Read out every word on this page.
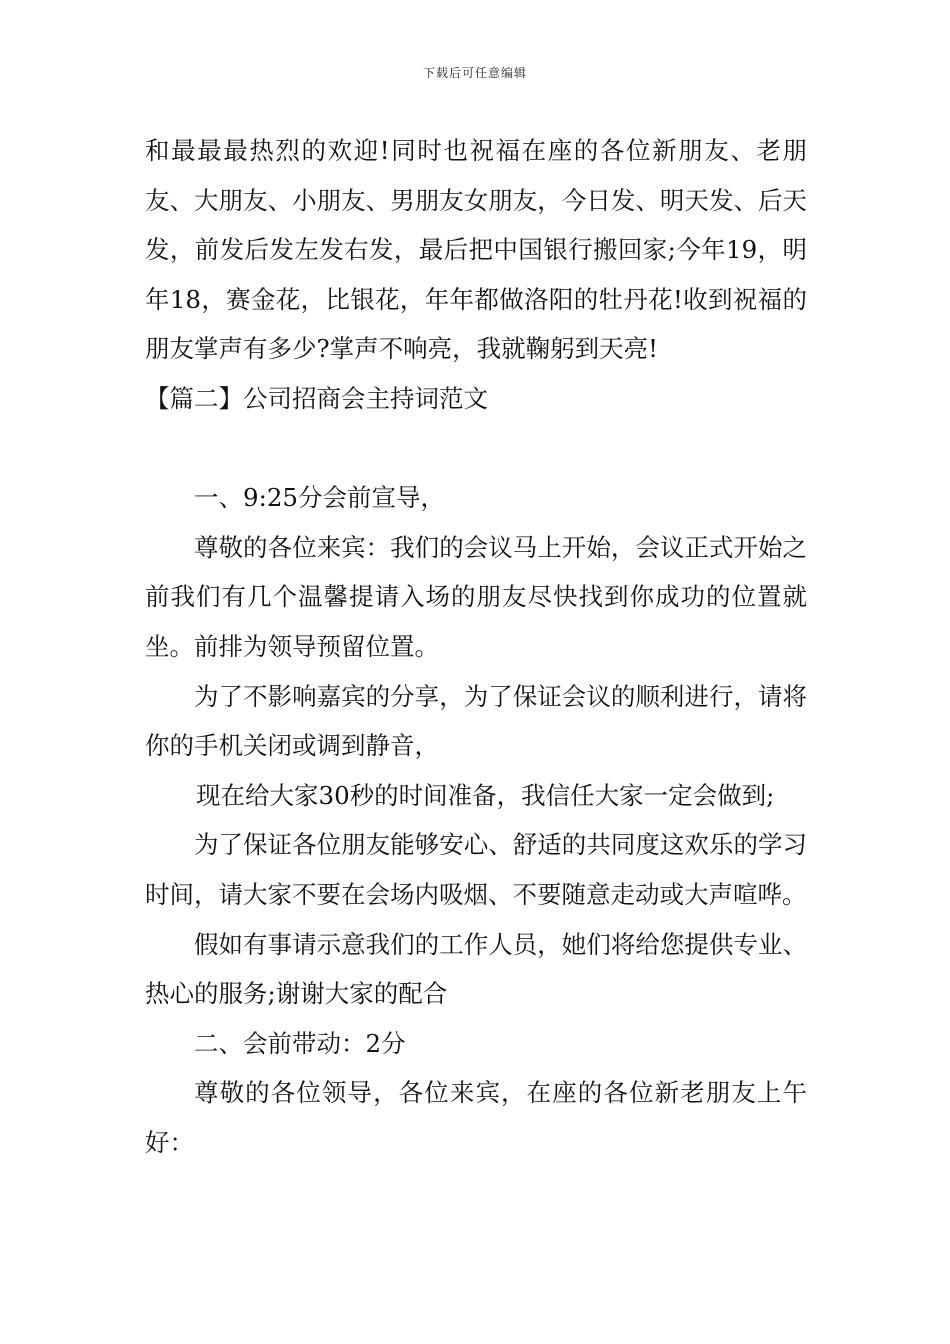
下载后可任意编辑

和最最最热烈的欢迎!同时也祝福在座的各位新朋友、老朋友、大朋友、小朋友、男朋友女朋友，今日发、明天发、后天发，前发后发左发右发，最后把中国银行搬回家;今年19，明年18，赛金花，比银花，年年都做洛阳的牡丹花!收到祝福的朋友掌声有多少?掌声不响亮，我就鞠躬到天亮!

【篇二】公司招商会主持词范文

一、9:25分会前宣导，

尊敬的各位来宾：我们的会议马上开始，会议正式开始之前我们有几个温馨提请入场的朋友尽快找到你成功的位置就坐。前排为领导预留位置。

为了不影响嘉宾的分享，为了保证会议的顺利进行，请将你的手机关闭或调到静音，

现在给大家30秒的时间准备，我信任大家一定会做到;

为了保证各位朋友能够安心、舒适的共同度这欢乐的学习时间，请大家不要在会场内吸烟、不要随意走动或大声喧哗。

假如有事请示意我们的工作人员，她们将给您提供专业、热心的服务;谢谢大家的配合

二、会前带动：2分

尊敬的各位领导，各位来宾，在座的各位新老朋友上午好：
